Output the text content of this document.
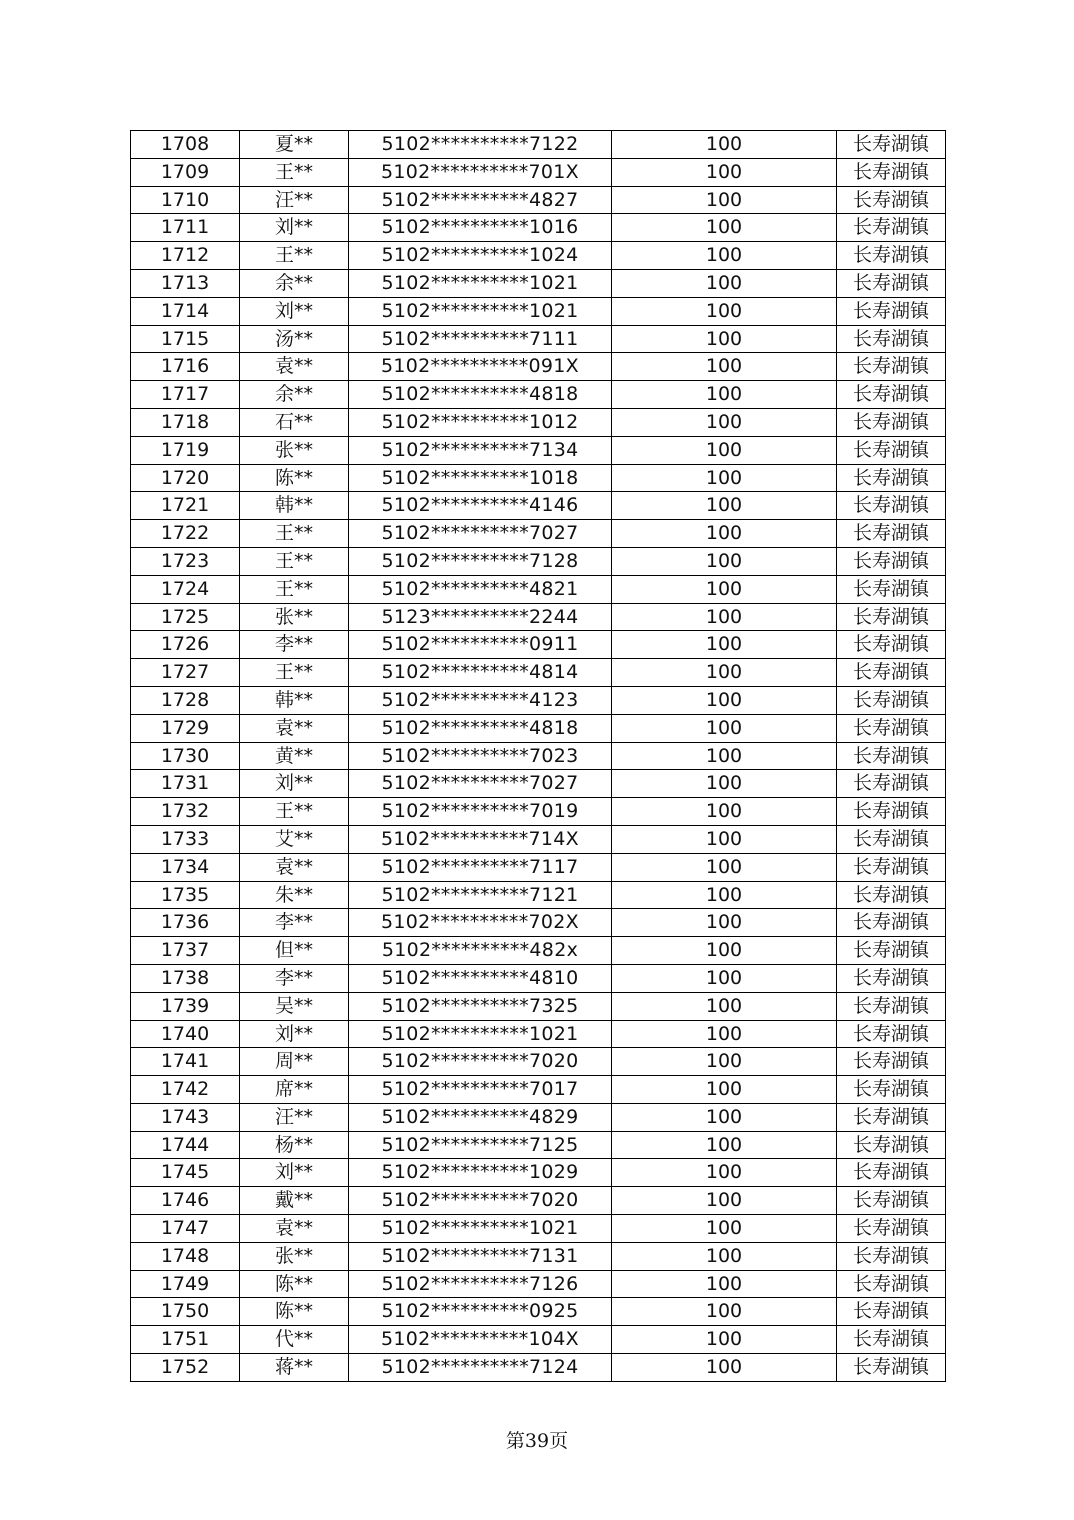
1708	夏**	5102**********7122	100	长寿湖镇
1709	王**	5102**********701X	100	长寿湖镇
1710	汪**	5102**********4827	100	长寿湖镇
1711	刘**	5102**********1016	100	长寿湖镇
1712	王**	5102**********1024	100	长寿湖镇
1713	余**	5102**********1021	100	长寿湖镇
1714	刘**	5102**********1021	100	长寿湖镇
1715	汤**	5102**********7111	100	长寿湖镇
1716	袁**	5102**********091X	100	长寿湖镇
1717	余**	5102**********4818	100	长寿湖镇
1718	石**	5102**********1012	100	长寿湖镇
1719	张**	5102**********7134	100	长寿湖镇
1720	陈**	5102**********1018	100	长寿湖镇
1721	韩**	5102**********4146	100	长寿湖镇
1722	王**	5102**********7027	100	长寿湖镇
1723	王**	5102**********7128	100	长寿湖镇
1724	王**	5102**********4821	100	长寿湖镇
1725	张**	5123**********2244	100	长寿湖镇
1726	李**	5102**********0911	100	长寿湖镇
1727	王**	5102**********4814	100	长寿湖镇
1728	韩**	5102**********4123	100	长寿湖镇
1729	袁**	5102**********4818	100	长寿湖镇
1730	黄**	5102**********7023	100	长寿湖镇
1731	刘**	5102**********7027	100	长寿湖镇
1732	王**	5102**********7019	100	长寿湖镇
1733	艾**	5102**********714X	100	长寿湖镇
1734	袁**	5102**********7117	100	长寿湖镇
1735	朱**	5102**********7121	100	长寿湖镇
1736	李**	5102**********702X	100	长寿湖镇
1737	但**	5102**********482x	100	长寿湖镇
1738	李**	5102**********4810	100	长寿湖镇
1739	吴**	5102**********7325	100	长寿湖镇
1740	刘**	5102**********1021	100	长寿湖镇
1741	周**	5102**********7020	100	长寿湖镇
1742	席**	5102**********7017	100	长寿湖镇
1743	汪**	5102**********4829	100	长寿湖镇
1744	杨**	5102**********7125	100	长寿湖镇
1745	刘**	5102**********1029	100	长寿湖镇
1746	戴**	5102**********7020	100	长寿湖镇
1747	袁**	5102**********1021	100	长寿湖镇
1748	张**	5102**********7131	100	长寿湖镇
1749	陈**	5102**********7126	100	长寿湖镇
1750	陈**	5102**********0925	100	长寿湖镇
1751	代**	5102**********104X	100	长寿湖镇
1752	蒋**	5102**********7124	100	长寿湖镇
第39页
